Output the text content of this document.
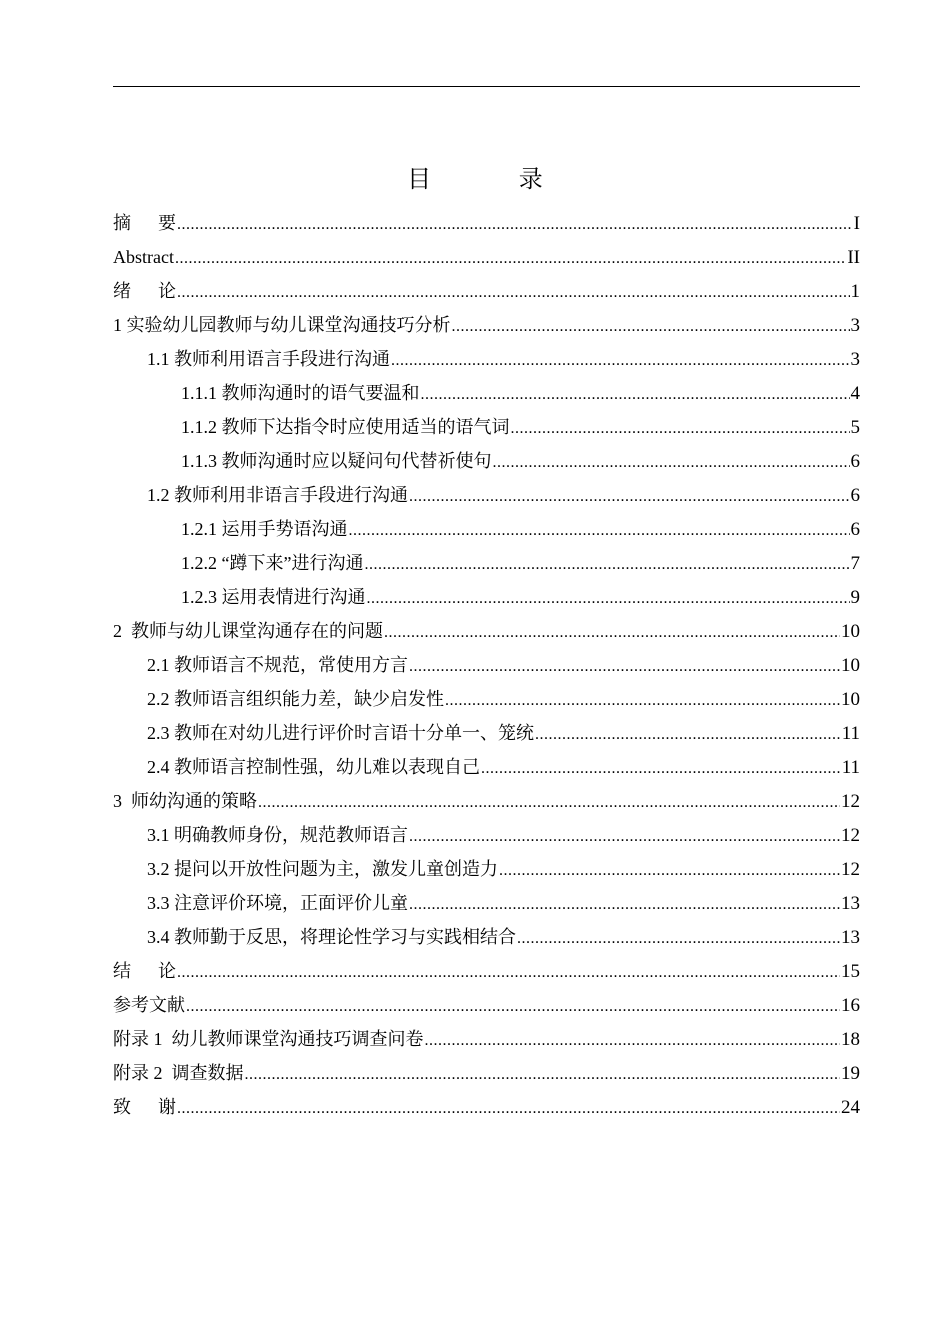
目 录
摘      要 .....	I
Abstract .....	II
绪      论 .....	1
1 实验幼儿园教师与幼儿课堂沟通技巧分析 .....	3
1.1 教师利用语言手段进行沟通 .....	3
1.1.1 教师沟通时的语气要温和 .....	4
1.1.2 教师下达指令时应使用适当的语气词 .....	5
1.1.3 教师沟通时应以疑问句代替祈使句 .....	6
1.2 教师利用非语言手段进行沟通 .....	6
1.2.1 运用手势语沟通 .....	6
1.2.2 “蹲下来”进行沟通 .....	7
1.2.3 运用表情进行沟通 .....	9
2  教师与幼儿课堂沟通存在的问题 .....	10
2.1 教师语言不规范，常使用方言 .....	10
2.2 教师语言组织能力差，缺少启发性 .....	10
2.3 教师在对幼儿进行评价时言语十分单一、笼统 .....	11
2.4 教师语言控制性强，幼儿难以表现自己 .....	11
3  师幼沟通的策略 .....	12
3.1 明确教师身份，规范教师语言 .....	12
3.2 提问以开放性问题为主，激发儿童创造力 .....	12
3.3 注意评价环境，正面评价儿童 .....	13
3.4 教师勤于反思，将理论性学习与实践相结合 .....	13
结      论 .....	15
参考文献 .....	16
附录 1  幼儿教师课堂沟通技巧调查问卷 .....	18
附录 2  调查数据 .....	19
致      谢 .....	24
